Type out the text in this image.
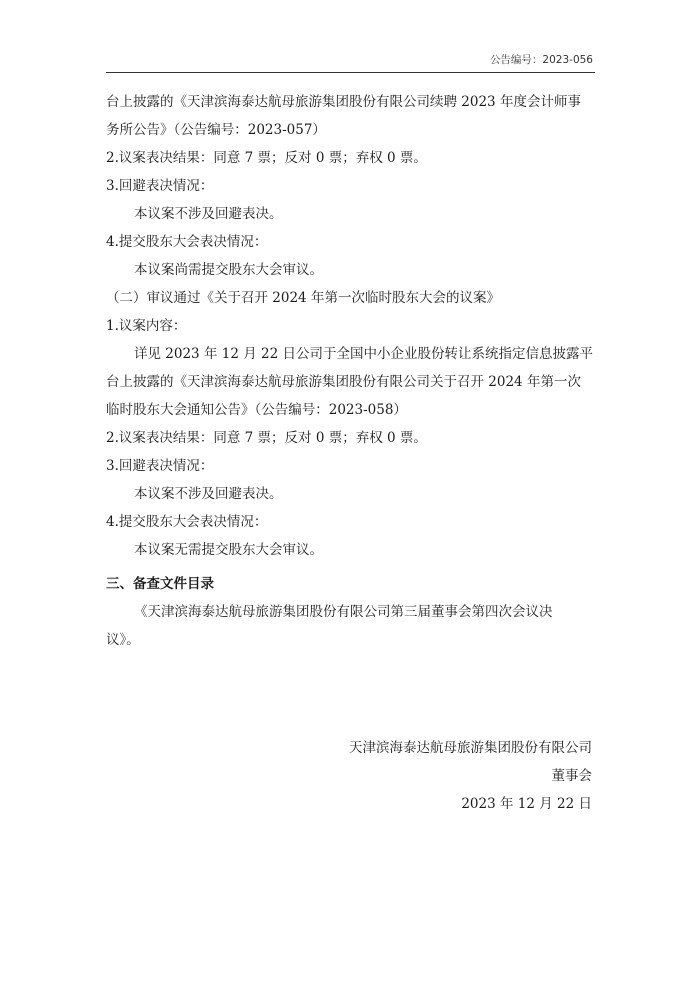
公告编号：2023-056
台上披露的《天津滨海泰达航母旅游集团股份有限公司续聘 2023 年度会计师事
务所公告》（公告编号：2023-057）
2.议案表决结果：同意 7 票；反对 0 票；弃权 0 票。
3.回避表决情况：
本议案不涉及回避表决。
4.提交股东大会表决情况：
本议案尚需提交股东大会审议。
（二）审议通过《关于召开 2024 年第一次临时股东大会的议案》
1.议案内容：
详见 2023 年 12 月 22 日公司于全国中小企业股份转让系统指定信息披露平
台上披露的《天津滨海泰达航母旅游集团股份有限公司关于召开 2024 年第一次
临时股东大会通知公告》（公告编号：2023-058）
2.议案表决结果：同意 7 票；反对 0 票；弃权 0 票。
3.回避表决情况：
本议案不涉及回避表决。
4.提交股东大会表决情况：
本议案无需提交股东大会审议。
三、备查文件目录
《天津滨海泰达航母旅游集团股份有限公司第三届董事会第四次会议决
议》。
天津滨海泰达航母旅游集团股份有限公司
董事会
2023 年 12 月 22 日
